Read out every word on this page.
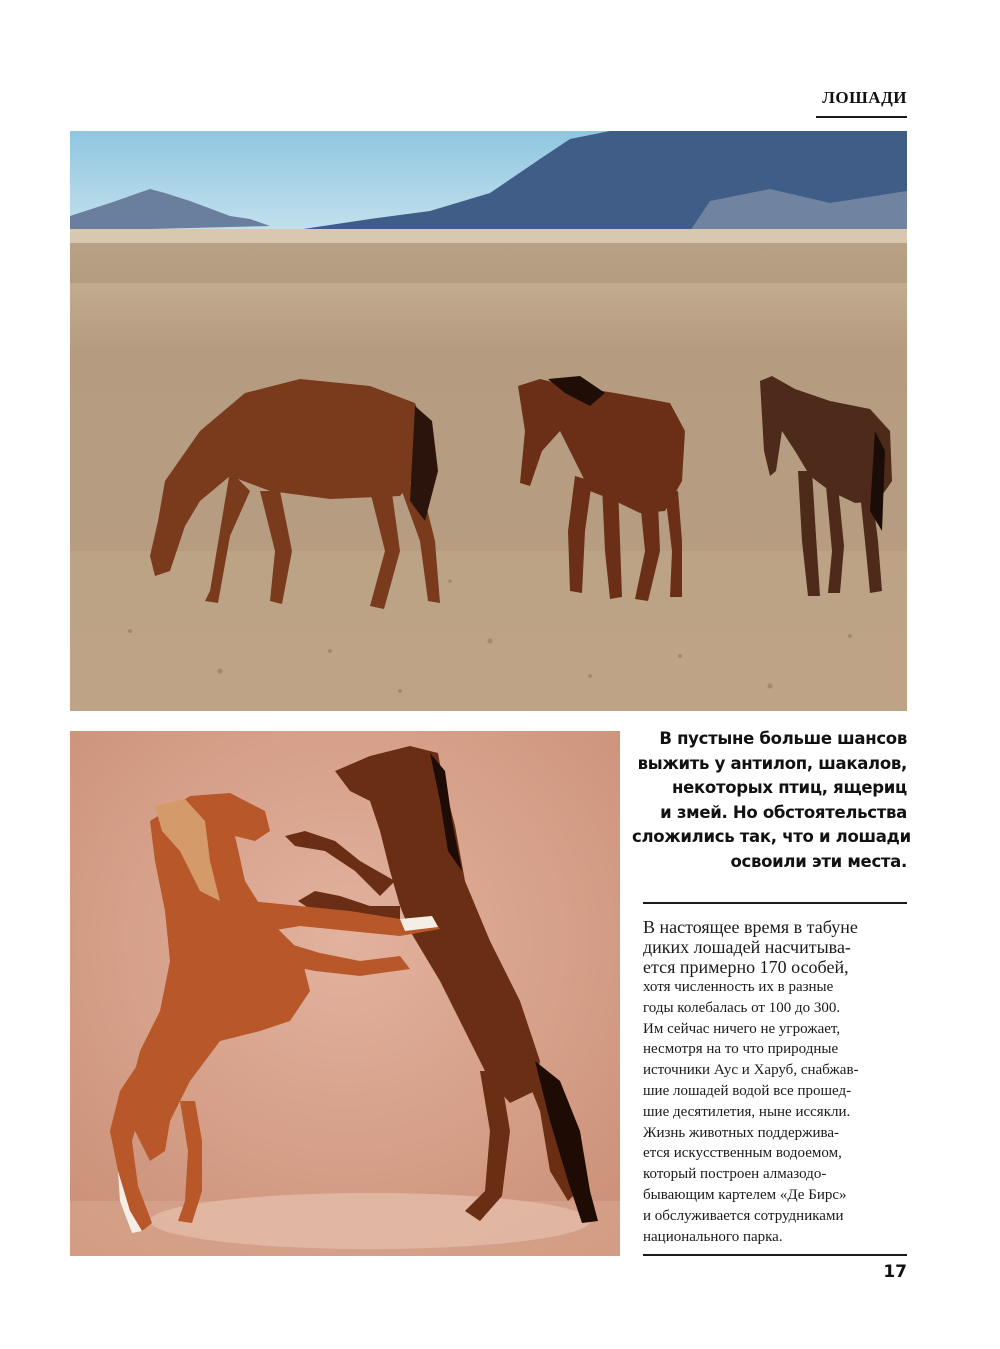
ЛОШАДИ
В пустыне больше шансов
выжить у антилоп, шакалов,
некоторых птиц, ящериц
и змей. Но обстоятельства
сложились так, что и лошади
освоили эти места.
В настоящее время в табуне
диких лошадей насчитыва-
ется примерно 170 особей,
хотя численность их в разные
годы колебалась от 100 до 300.
Им сейчас ничего не угрожает,
несмотря на то что природные
источники Аус и Харуб, снабжав-
шие лошадей водой все прошед-
шие десятилетия, ныне иссякли.
Жизнь животных поддержива-
ется искусственным водоемом,
который построен алмазодо-
бывающим картелем «Де Бирс»
и обслуживается сотрудниками
национального парка.
17
